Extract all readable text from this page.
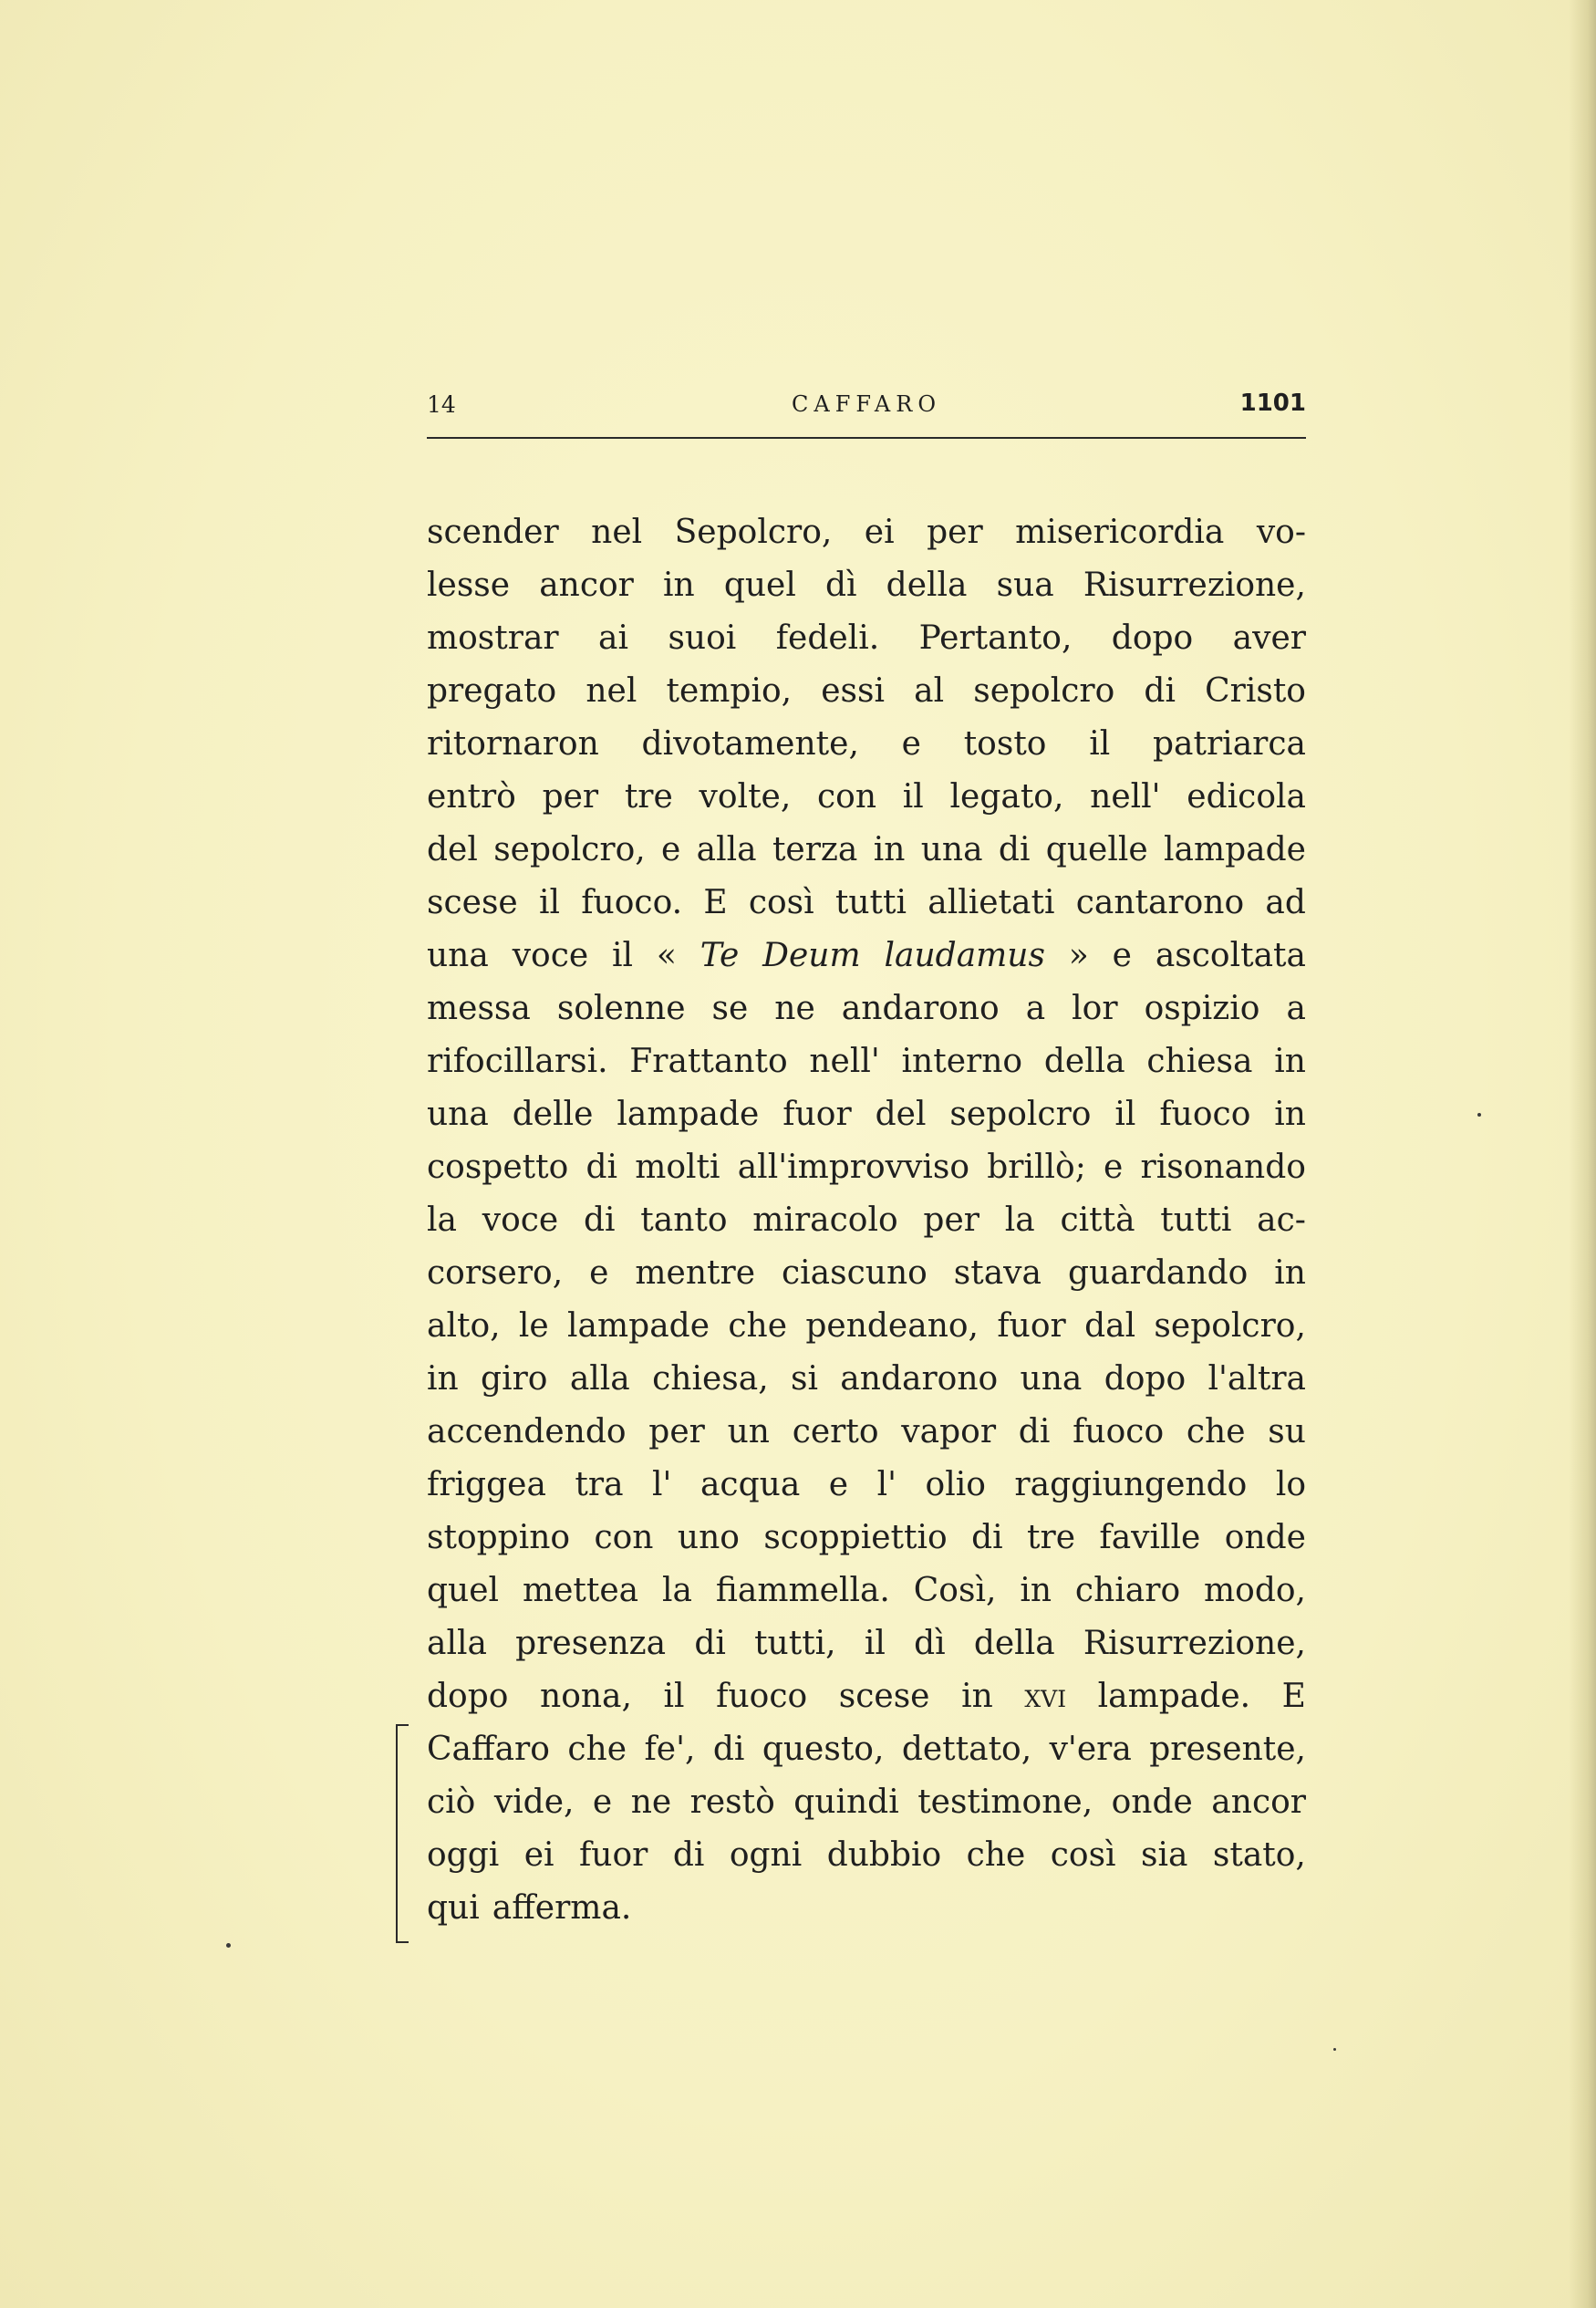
14	CAFFARO	1101
scender nel Sepolcro, ei per misericordia vo-
lesse ancor in quel dì della sua Risurrezione,
mostrar ai suoi fedeli. Pertanto, dopo aver
pregato nel tempio, essi al sepolcro di Cristo
ritornaron divotamente, e tosto il patriarca
entrò per tre volte, con il legato, nell' edicola
del sepolcro, e alla terza in una di quelle lampade
scese il fuoco. E così tutti allietati cantarono ad
una voce il « Te Deum laudamus » e ascoltata
messa solenne se ne andarono a lor ospizio a
rifocillarsi. Frattanto nell' interno della chiesa in
una delle lampade fuor del sepolcro il fuoco in
cospetto di molti all'improvviso brillò; e risonando
la voce di tanto miracolo per la città tutti ac-
corsero, e mentre ciascuno stava guardando in
alto, le lampade che pendeano, fuor dal sepolcro,
in giro alla chiesa, si andarono una dopo l'altra
accendendo per un certo vapor di fuoco che su
friggea tra l' acqua e l' olio raggiungendo lo
stoppino con uno scoppiettio di tre faville onde
quel mettea la fiammella. Così, in chiaro modo,
alla presenza di tutti, il dì della Risurrezione,
dopo nona, il fuoco scese in xvi lampade. E
Caffaro che fe', di questo, dettato, v'era presente,
ciò vide, e ne restò quindi testimone, onde ancor
oggi ei fuor di ogni dubbio che così sia stato,
qui afferma.
